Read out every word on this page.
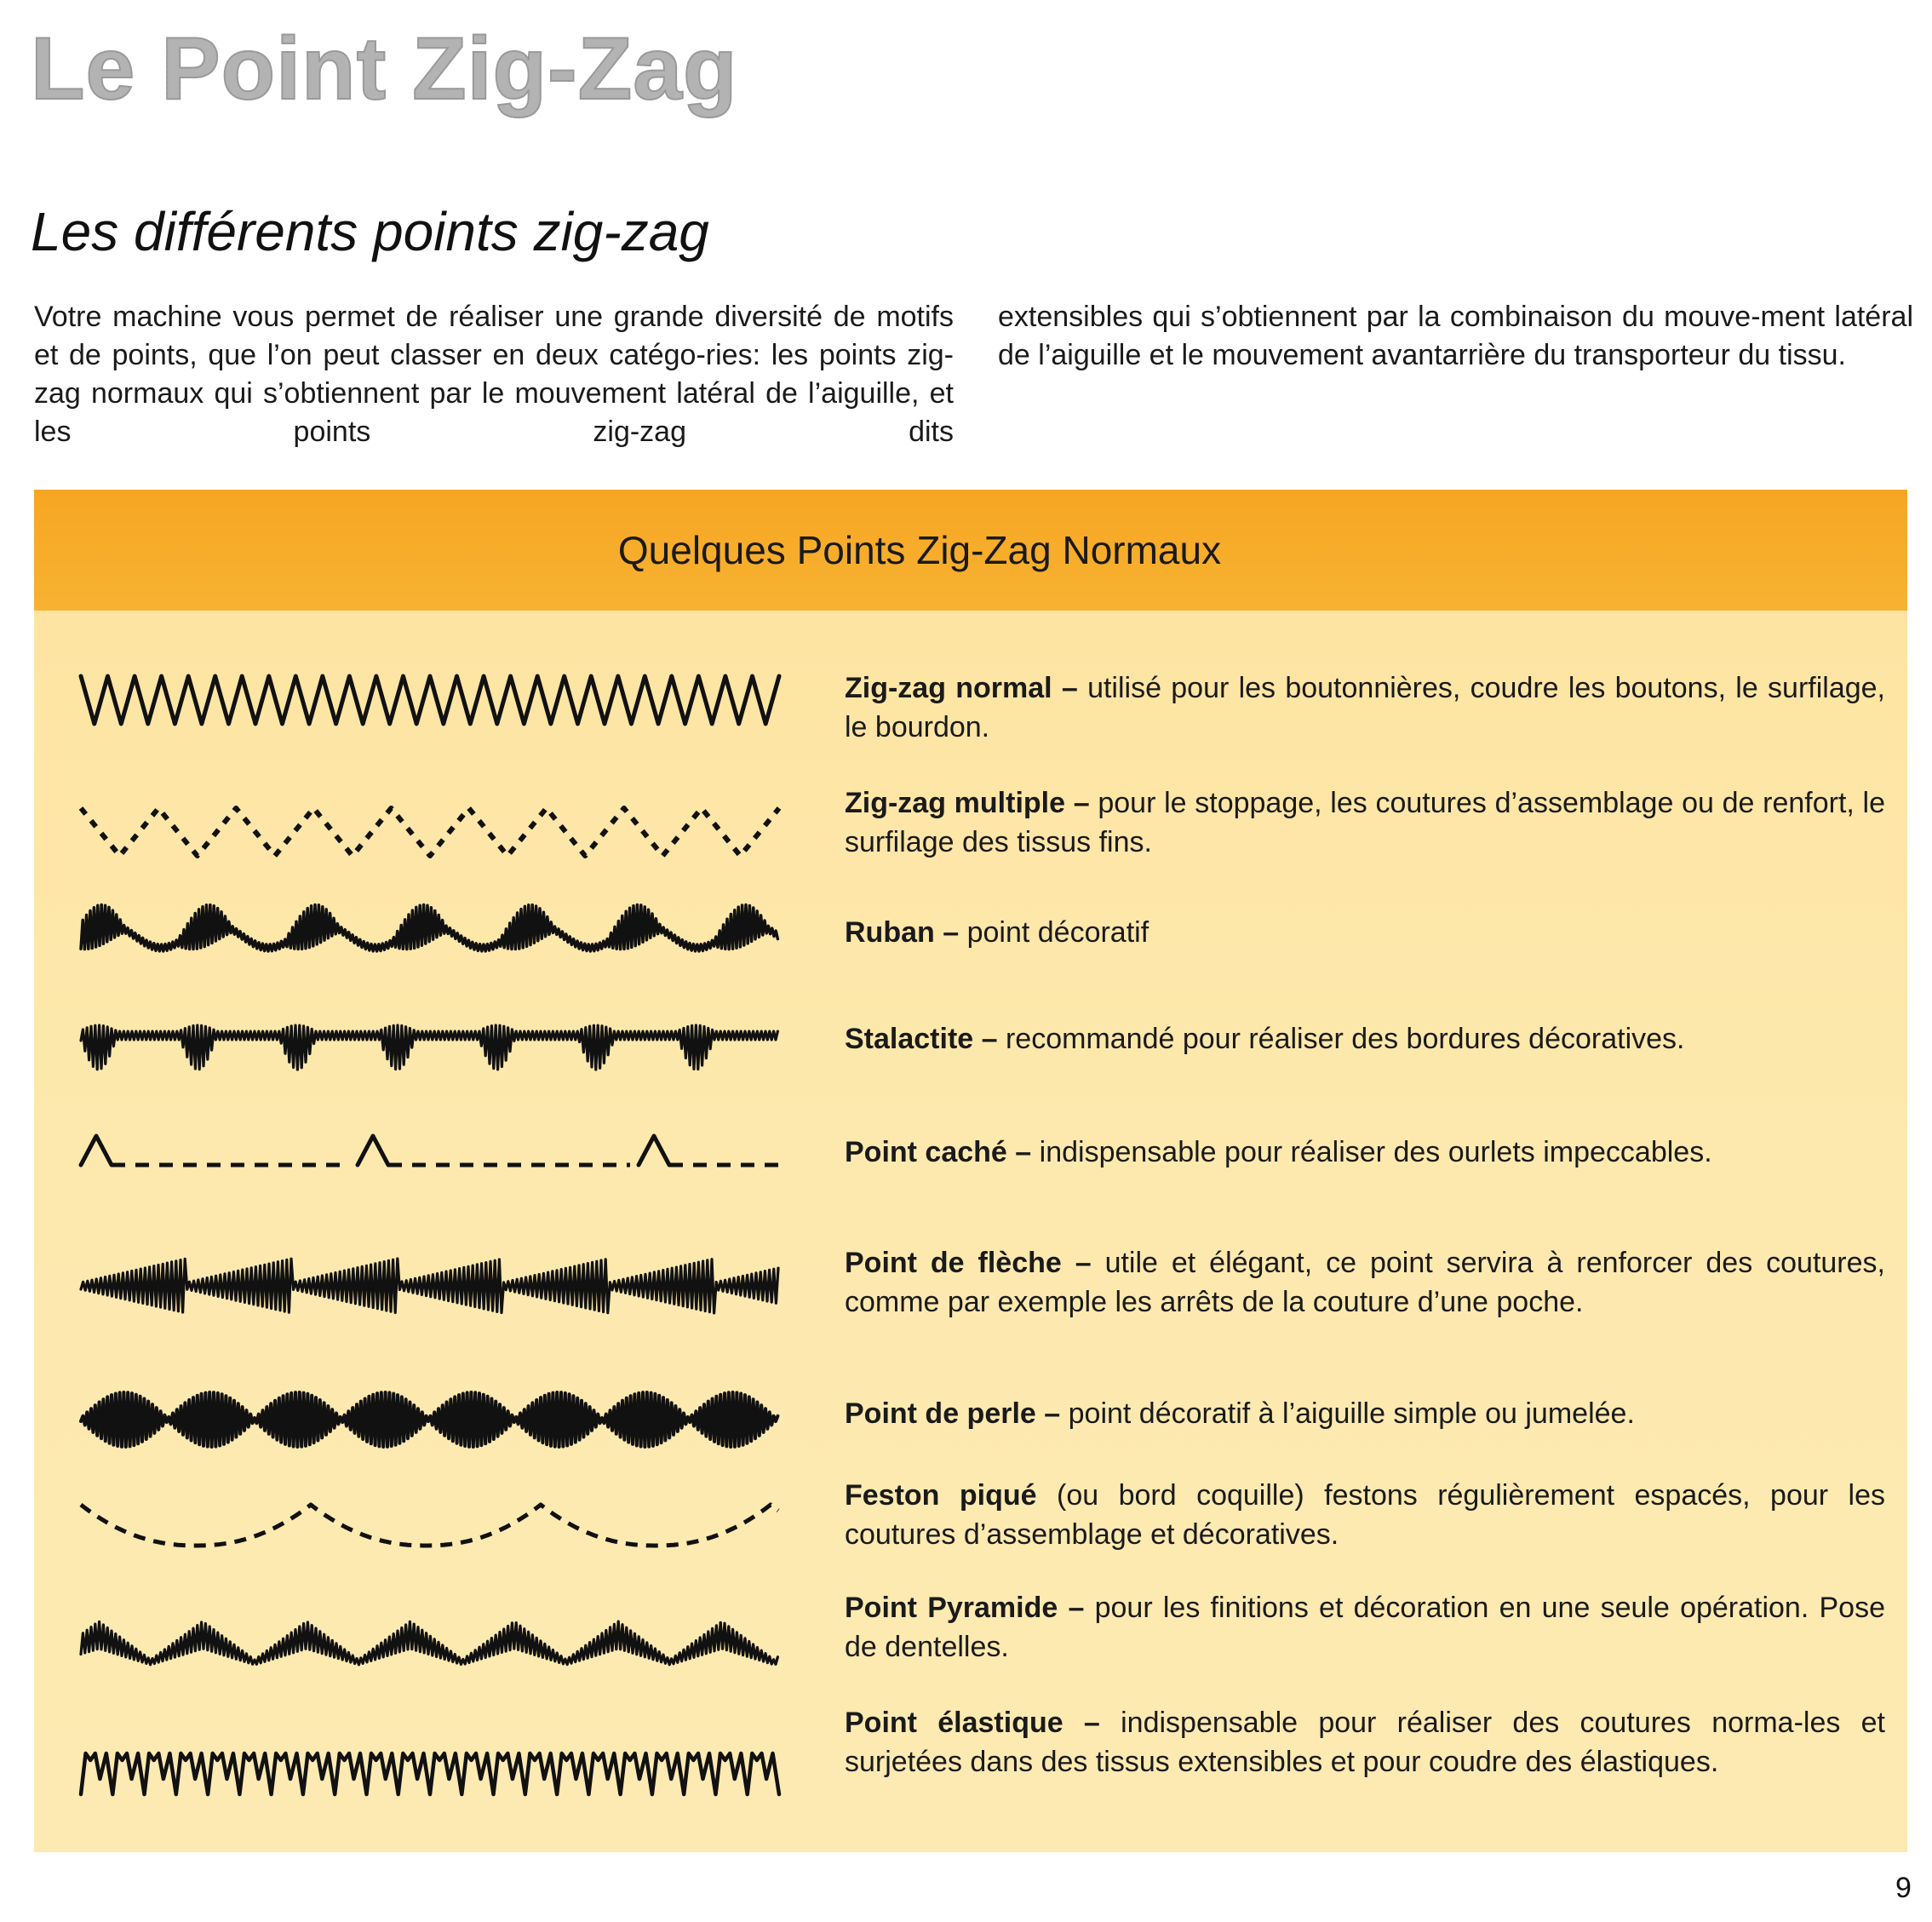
Le Point Zig-Zag
Les différents points zig-zag
Votre machine vous permet de réaliser une grande diversité de motifs et de points, que l’on peut classer en deux catégo-ries: les points zig-zag normaux qui s’obtiennent par le mouvement latéral de l’aiguille, et les points zig-zag dits
extensibles qui s’obtiennent par la combinaison du mouve-ment latéral de l’aiguille et le mouvement avantarrière du transporteur du tissu.
Quelques Points Zig-Zag Normaux
Zig-zag normal – utilisé pour les boutonnières, coudre les boutons, le surfilage, le bourdon.
Zig-zag multiple – pour le stoppage, les coutures d’assemblage ou de renfort, le surfilage des tissus fins.
Ruban – point décoratif
Stalactite – recommandé pour réaliser des bordures décoratives.
Point caché – indispensable pour réaliser des ourlets impeccables.
Point de flèche – utile et élégant, ce point servira à renforcer des coutures, comme par exemple les arrêts de la couture d’une poche.
Point de perle – point décoratif à l’aiguille simple ou jumelée.
Feston piqué (ou bord coquille) festons régulièrement espacés, pour les coutures d’assemblage et décoratives.
Point Pyramide – pour les finitions et décoration en une seule opération. Pose de dentelles.
Point élastique – indispensable pour réaliser des coutures norma-les et surjetées dans des tissus extensibles et pour coudre des élastiques.
9
